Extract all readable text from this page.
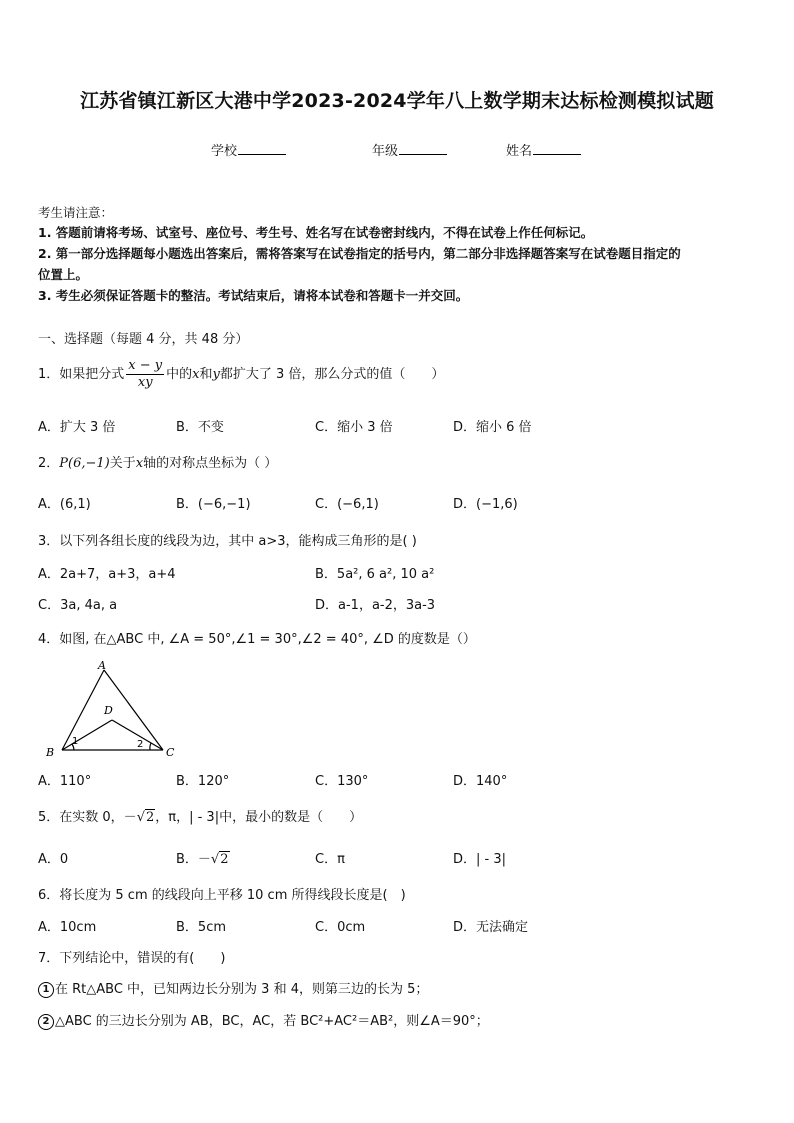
江苏省镇江新区大港中学2023-2024学年八上数学期末达标检测模拟试题
学校	年级	姓名
考生请注意：
1. 答题前请将考场、试室号、座位号、考生号、姓名写在试卷密封线内，不得在试卷上作任何标记。
2. 第一部分选择题每小题选出答案后，需将答案写在试卷指定的括号内，第二部分非选择题答案写在试卷题目指定的
位置上。
3. 考生必须保证答题卡的整洁。考试结束后，请将本试卷和答题卡一并交回。
一、选择题（每题 4 分，共 48 分）
1．如果把分式 $\frac{x - y}{xy}$ 中的x和y都扩大了 3 倍，那么分式的值（　　）
A．扩大 3 倍	B．不变	C．缩小 3 倍	D．缩小 6 倍
2．P(6,−1)关于x轴的对称点坐标为（ ）
A．(6,1)	B．(−6,−1)	C．(−6,1)	D．(−1,6)
3．以下列各组长度的线段为边，其中 a>3，能构成三角形的是( )
A．2a+7，a+3，a+4	B．5a², 6 a², 10 a²
C．3a, 4a, a	D．a-1，a-2，3a-3
4．如图, 在△ABC 中, ∠A = 50°,∠1 = 30°,∠2 = 40°, ∠D 的度数是（）
A
B	C
D
1	2
A．110°	B．120°	C．130°	D．140°
5．在实数 0，－√2，π，| - 3|中，最小的数是（　　）
A．0	B．－√2	C．π	D．| - 3|
6．将长度为 5 cm 的线段向上平移 10 cm 所得线段长度是(　)
A．10cm	B．5cm	C．0cm	D．无法确定
7．下列结论中，错误的有(　　)
1 在 Rt△ABC 中，已知两边长分别为 3 和 4，则第三边的长为 5；
2 △ABC 的三边长分别为 AB，BC，AC，若 BC²+AC²＝AB²，则∠A＝90°；
